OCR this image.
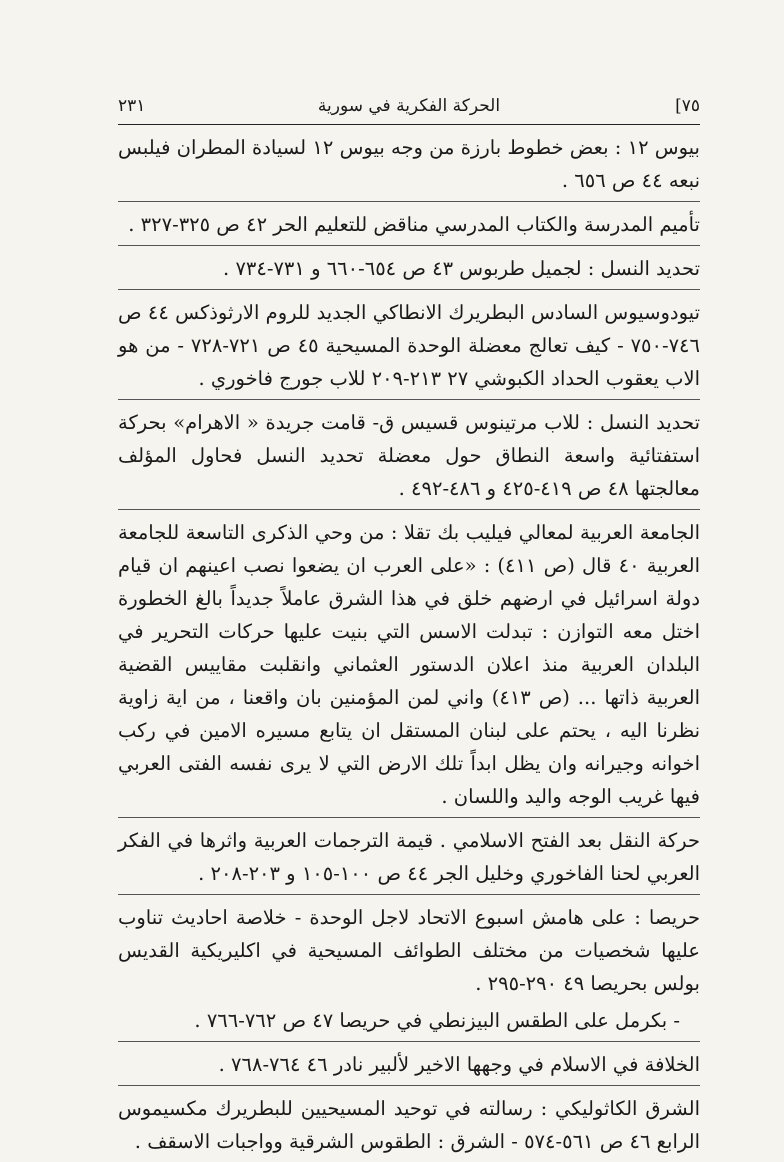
٧٥]
الحركة الفكرية في سورية
٢٣١

بيوس ١٢ : بعض خطوط بارزة من وجه بيوس ١٢ لسيادة المطران فيلبس نبعه ٤٤ ص ٦٥٦ .

تأميم المدرسة والكتاب المدرسي مناقض للتعليم الحر ٤٢ ص ٣٢٥-٣٢٧ .

تحديد النسل : لجميل طربوس ٤٣ ص ٦٥٤-٦٦٠ و ٧٣١-٧٣٤ .

تيودوسيوس السادس البطريرك الانطاكي الجديد للروم الارثوذكس ٤٤ ص ٧٤٦-٧٥٠ - كيف تعالج معضلة الوحدة المسيحية ٤٥ ص ٧٢١-٧٢٨ - من هو الاب يعقوب الحداد الكبوشي ٢٧ ٢١٣-٢٠٩ للاب جورج فاخوري .

تحديد النسل : للاب مرتينوس قسيس ق- قامت جريدة « الاهرام» بحركة استفتائية واسعة النطاق حول معضلة تحديد النسل فحاول المؤلف معالجتها ٤٨ ص ٤١٩-٤٢٥ و ٤٨٦-٤٩٢ .

الجامعة العربية لمعالي فيليب بك تقلا : من وحي الذكرى التاسعة للجامعة العربية ٤٠ قال (ص ٤١١) : «على العرب ان يضعوا نصب اعينهم ان قيام دولة اسرائيل في ارضهم خلق في هذا الشرق عاملاً جديداً بالغ الخطورة اختل معه التوازن : تبدلت الاسس التي بنيت عليها حركات التحرير في البلدان العربية منذ اعلان الدستور العثماني وانقلبت مقاييس القضية العربية ذاتها ... (ص ٤١٣) واني لمن المؤمنين بان واقعنا ، من اية زاوية نظرنا اليه ، يحتم على لبنان المستقل ان يتابع مسيره الامين في ركب اخوانه وجيرانه وان يظل ابداً تلك الارض التي لا يرى نفسه الفتى العربي فيها غريب الوجه واليد واللسان .

حركة النقل بعد الفتح الاسلامي . قيمة الترجمات العربية واثرها في الفكر العربي لحنا الفاخوري وخليل الجر ٤٤ ص ١٠٠-١٠٥ و ٢٠٣-٢٠٨ .

حريصا : على هامش اسبوع الاتحاد لاجل الوحدة - خلاصة احاديث تناوب عليها شخصيات من مختلف الطوائف المسيحية في اكليريكية القديس بولس بحريصا ٤٩ ٢٩٠-٢٩٥ .

- بكرمل على الطقس البيزنطي في حريصا ٤٧ ص ٧٦٢-٧٦٦ .

الخلافة في الاسلام في وجهها الاخير لألبير نادر ٤٦ ٧٦٤-٧٦٨ .

الشرق الكاثوليكي : رسالته في توحيد المسيحيين للبطريرك مكسيموس الرابع ٤٦ ص ٥٦١-٥٧٤ - الشرق : الطقوس الشرقية وواجبات الاسقف .
